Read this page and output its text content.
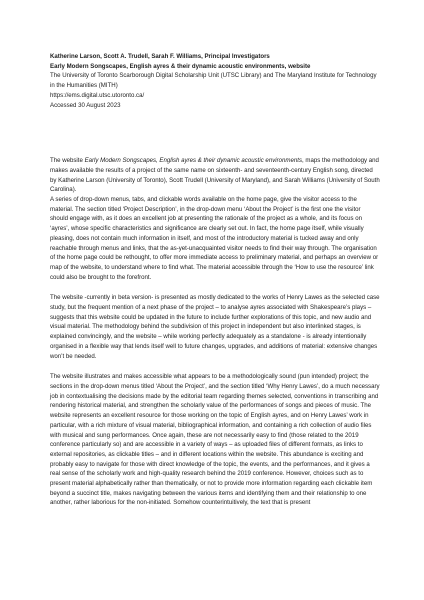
Katherine Larson, Scott A. Trudell, Sarah F. Williams, Principal Investigators
Early Modern Songscapes, English ayres & their dynamic acoustic environments, website
The University of Toronto Scarborough Digital Scholarship Unit (UTSC Library) and The Maryland Institute for Technology in the Humanities (MITH)
https://ems.digital.utsc.utoronto.ca/
Accessed 30 August 2023

The website Early Modern Songscapes, English ayres & their dynamic acoustic environments, maps the methodology and makes available the results of a project of the same name on sixteenth- and seventeenth-century English song, directed by Katherine Larson (University of Toronto), Scott Trudell (University of Maryland), and Sarah Williams (University of South Carolina).
A series of drop-down menus, tabs, and clickable words available on the home page, give the visitor access to the material. The section titled ‘Project Description’, in the drop-down menu ‘About the Project’ is the first one the visitor should engage with, as it does an excellent job at presenting the rationale of the project as a whole, and its focus on ‘ayres’, whose specific characteristics and significance are clearly set out. In fact, the home page itself, while visually pleasing, does not contain much information in itself, and most of the introductory material is tucked away and only reachable through menus and links, that the as-yet-unacquainted visitor needs to find their way through. The organisation of the home page could be rethought, to offer more immediate access to preliminary material, and perhaps an overview or map of the website, to understand where to find what. The material accessible through the ‘How to use the resource’ link could also be brought to the forefront.

The website -currently in beta version- is presented as mostly dedicated to the works of Henry Lawes as the selected case study, but the frequent mention of a next phase of the project – to analyse ayres associated with Shakespeare’s plays – suggests that this website could be updated in the future to include further explorations of this topic, and new audio and visual material. The methodology behind the subdivision of this project in independent but also interlinked stages, is explained convincingly, and the website – while working perfectly adequately as a standalone - is already intentionally organised in a flexible way that lends itself well to future changes, upgrades, and additions of material: extensive changes won’t be needed.

The website illustrates and makes accessible what appears to be a methodologically sound (pun intended) project; the sections in the drop-down menus titled ‘About the Project’, and the section titled ‘Why Henry Lawes’, do a much necessary job in contextualising the decisions made by the editorial team regarding themes selected, conventions in transcribing and rendering historical material, and strengthen the scholarly value of the performances of songs and pieces of music. The website represents an excellent resource for those working on the topic of English ayres, and on Henry Lawes’ work in particular, with a rich mixture of visual material, bibliographical information, and containing a rich collection of audio files with musical and sung performances. Once again, these are not necessarily easy to find (those related to the 2019 conference particularly so) and are accessible in a variety of ways – as uploaded files of different formats, as links to external repositories, as clickable titles – and in different locations within the website. This abundance is exciting and probably easy to navigate for those with direct knowledge of the topic, the events, and the performances, and it gives a real sense of the scholarly work and high-quality research behind the 2019 conference. However, choices such as to present material alphabetically rather than thematically, or not to provide more information regarding each clickable item beyond a succinct title, makes navigating between the various items and identifying them and their relationship to one another, rather laborious for the non-initiated. Somehow counterintuitively, the text that is present
